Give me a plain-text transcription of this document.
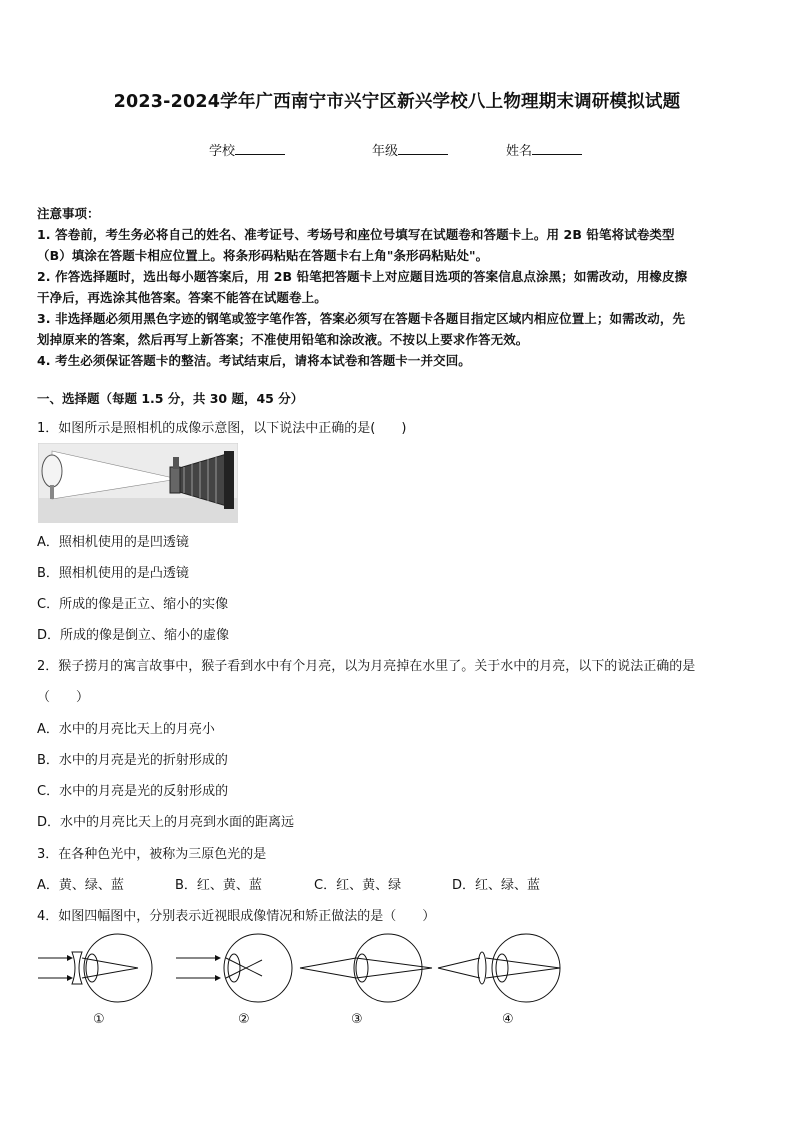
2023-2024学年广西南宁市兴宁区新兴学校八上物理期末调研模拟试题
学校	年级	姓名
注意事项：
1. 答卷前，考生务必将自己的姓名、准考证号、考场号和座位号填写在试题卷和答题卡上。用 2B 铅笔将试卷类型
（B）填涂在答题卡相应位置上。将条形码粘贴在答题卡右上角"条形码粘贴处"。
2. 作答选择题时，选出每小题答案后，用 2B 铅笔把答题卡上对应题目选项的答案信息点涂黑；如需改动，用橡皮擦
干净后，再选涂其他答案。答案不能答在试题卷上。
3. 非选择题必须用黑色字迹的钢笔或签字笔作答，答案必须写在答题卡各题目指定区域内相应位置上；如需改动，先
划掉原来的答案，然后再写上新答案；不准使用铅笔和涂改液。不按以上要求作答无效。
4. 考生必须保证答题卡的整洁。考试结束后，请将本试卷和答题卡一并交回。
一、选择题（每题 1.5 分，共 30 题，45 分）
1．如图所示是照相机的成像示意图，以下说法中正确的是(　　)
A．照相机使用的是凹透镜
B．照相机使用的是凸透镜
C．所成的像是正立、缩小的实像
D．所成的像是倒立、缩小的虚像
2．猴子捞月的寓言故事中，猴子看到水中有个月亮，以为月亮掉在水里了。关于水中的月亮，以下的说法正确的是
（　　）
A．水中的月亮比天上的月亮小
B．水中的月亮是光的折射形成的
C．水中的月亮是光的反射形成的
D．水中的月亮比天上的月亮到水面的距离远
3．在各种色光中，被称为三原色光的是
A．黄、绿、蓝	B．红、黄、蓝	C．红、黄、绿	D．红、绿、蓝
4．如图四幅图中，分别表示近视眼成像情况和矫正做法的是（　　）
①	②	③	④
